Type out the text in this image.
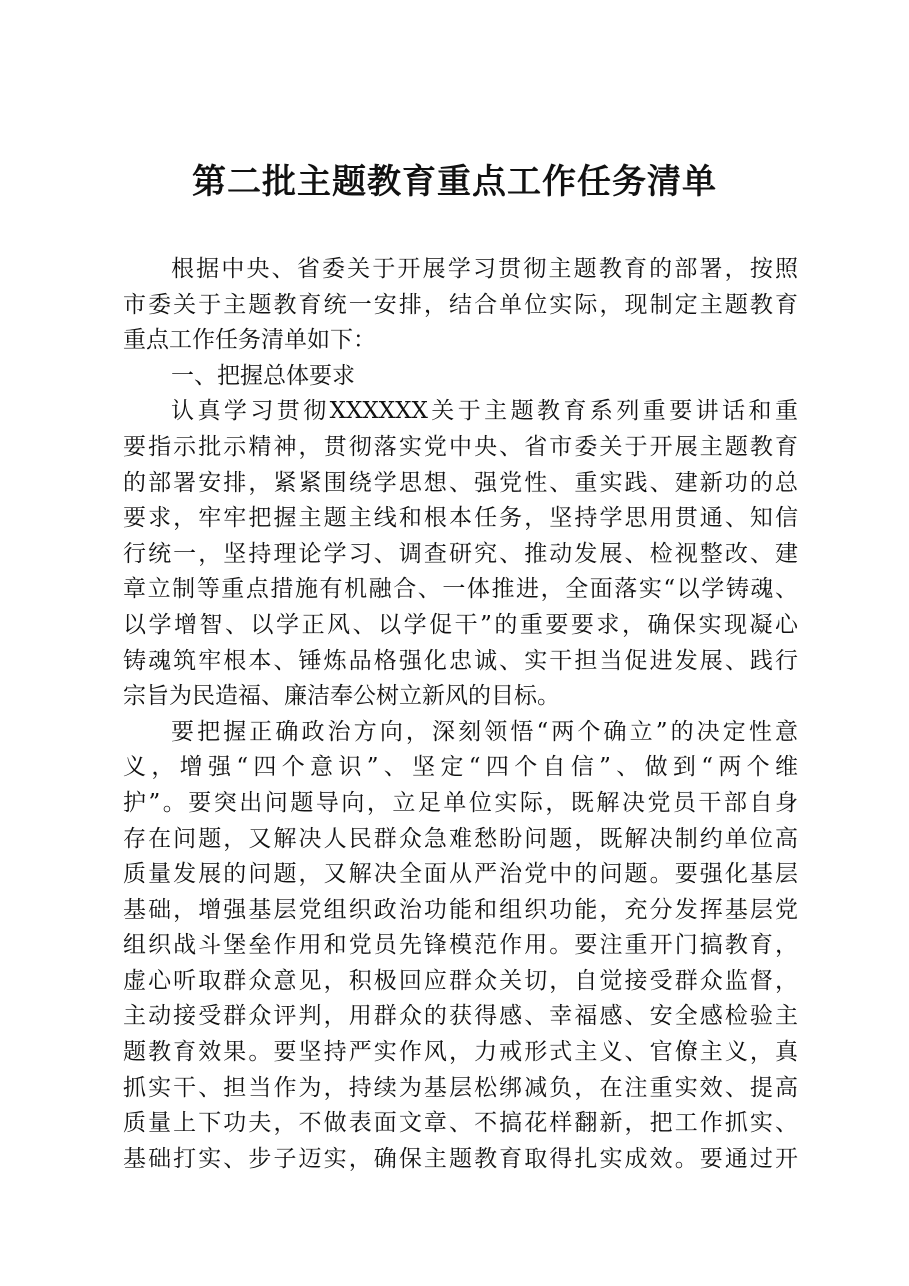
第二批主题教育重点工作任务清单
根据中央、省委关于开展学习贯彻主题教育的部署，按照
市委关于主题教育统一安排，结合单位实际，现制定主题教育
重点工作任务清单如下：
一、把握总体要求
认真学习贯彻XXXXXX关于主题教育系列重要讲话和重
要指示批示精神，贯彻落实党中央、省市委关于开展主题教育
的部署安排，紧紧围绕学思想、强党性、重实践、建新功的总
要求，牢牢把握主题主线和根本任务，坚持学思用贯通、知信
行统一，坚持理论学习、调查研究、推动发展、检视整改、建
章立制等重点措施有机融合、一体推进，全面落实“以学铸魂、
以学增智、以学正风、以学促干”的重要要求，确保实现凝心
铸魂筑牢根本、锤炼品格强化忠诚、实干担当促进发展、践行
宗旨为民造福、廉洁奉公树立新风的目标。
要把握正确政治方向，深刻领悟“两个确立”的决定性意
义，增强“四个意识”、坚定“四个自信”、做到“两个维
护”。要突出问题导向，立足单位实际，既解决党员干部自身
存在问题，又解决人民群众急难愁盼问题，既解决制约单位高
质量发展的问题，又解决全面从严治党中的问题。要强化基层
基础，增强基层党组织政治功能和组织功能，充分发挥基层党
组织战斗堡垒作用和党员先锋模范作用。要注重开门搞教育，
虚心听取群众意见，积极回应群众关切，自觉接受群众监督，
主动接受群众评判，用群众的获得感、幸福感、安全感检验主
题教育效果。要坚持严实作风，力戒形式主义、官僚主义，真
抓实干、担当作为，持续为基层松绑减负，在注重实效、提高
质量上下功夫，不做表面文章、不搞花样翻新，把工作抓实、
基础打实、步子迈实，确保主题教育取得扎实成效。要通过开
